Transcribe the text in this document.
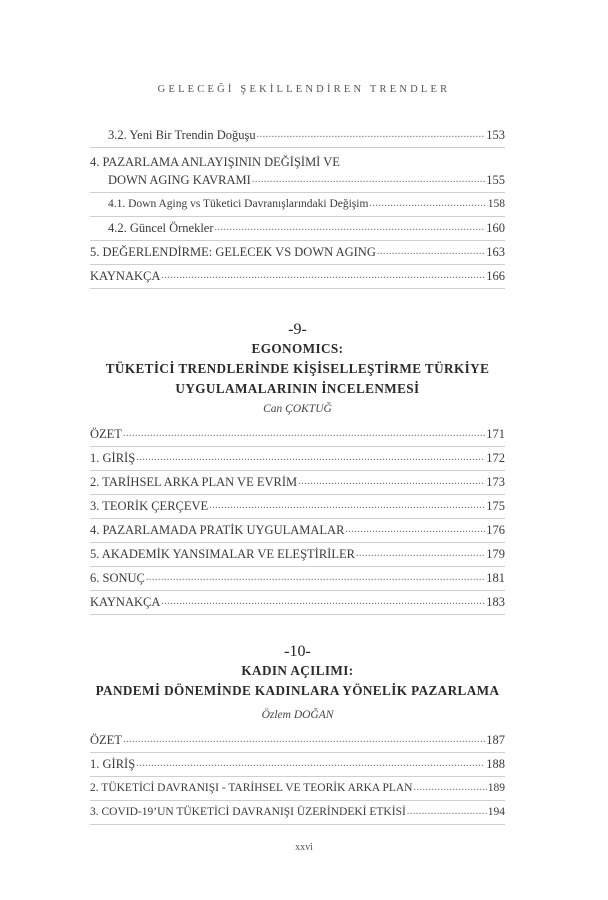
GELECEĞİ ŞEKİLLENDİREN TRENDLER
3.2. Yeni Bir Trendin Doğuşu .....	153
4. PAZARLAMA ANLAYIŞININ DEĞİŞİMİ VE
DOWN AGING KAVRAMI .....	155
4.1. Down Aging vs Tüketici Davranışlarındaki Değişim .....	158
4.2. Güncel Örnekler .....	160
5. DEĞERLENDİRME: GELECEK VS DOWN AGING .....	163
KAYNAKÇA .....	166
-9-
EGONOMICS:
TÜKETİCİ TRENDLERİNDE KİŞİSELLEŞTİRME TÜRKİYE
UYGULAMALARININ İNCELENMESİ
Can ÇOKTUĞ
ÖZET .....	171
1. GİRİŞ .....	172
2. TARİHSEL ARKA PLAN VE EVRİM .....	173
3. TEORİK ÇERÇEVE .....	175
4. PAZARLAMADA PRATİK UYGULAMALAR .....	176
5. AKADEMİK YANSIMALAR VE ELEŞTİRİLER .....	179
6. SONUÇ .....	181
KAYNAKÇA .....	183
-10-
KADIN AÇILIMI:
PANDEMİ DÖNEMİNDE KADINLARA YÖNELİK PAZARLAMA
Özlem DOĞAN
ÖZET .....	187
1. GİRİŞ .....	188
2. TÜKETİCİ DAVRANIŞI - TARİHSEL VE TEORİK ARKA PLAN .....	189
3. COVID-19’UN TÜKETİCİ DAVRANIŞI ÜZERİNDEKİ ETKİSİ .....	194
xxvi
